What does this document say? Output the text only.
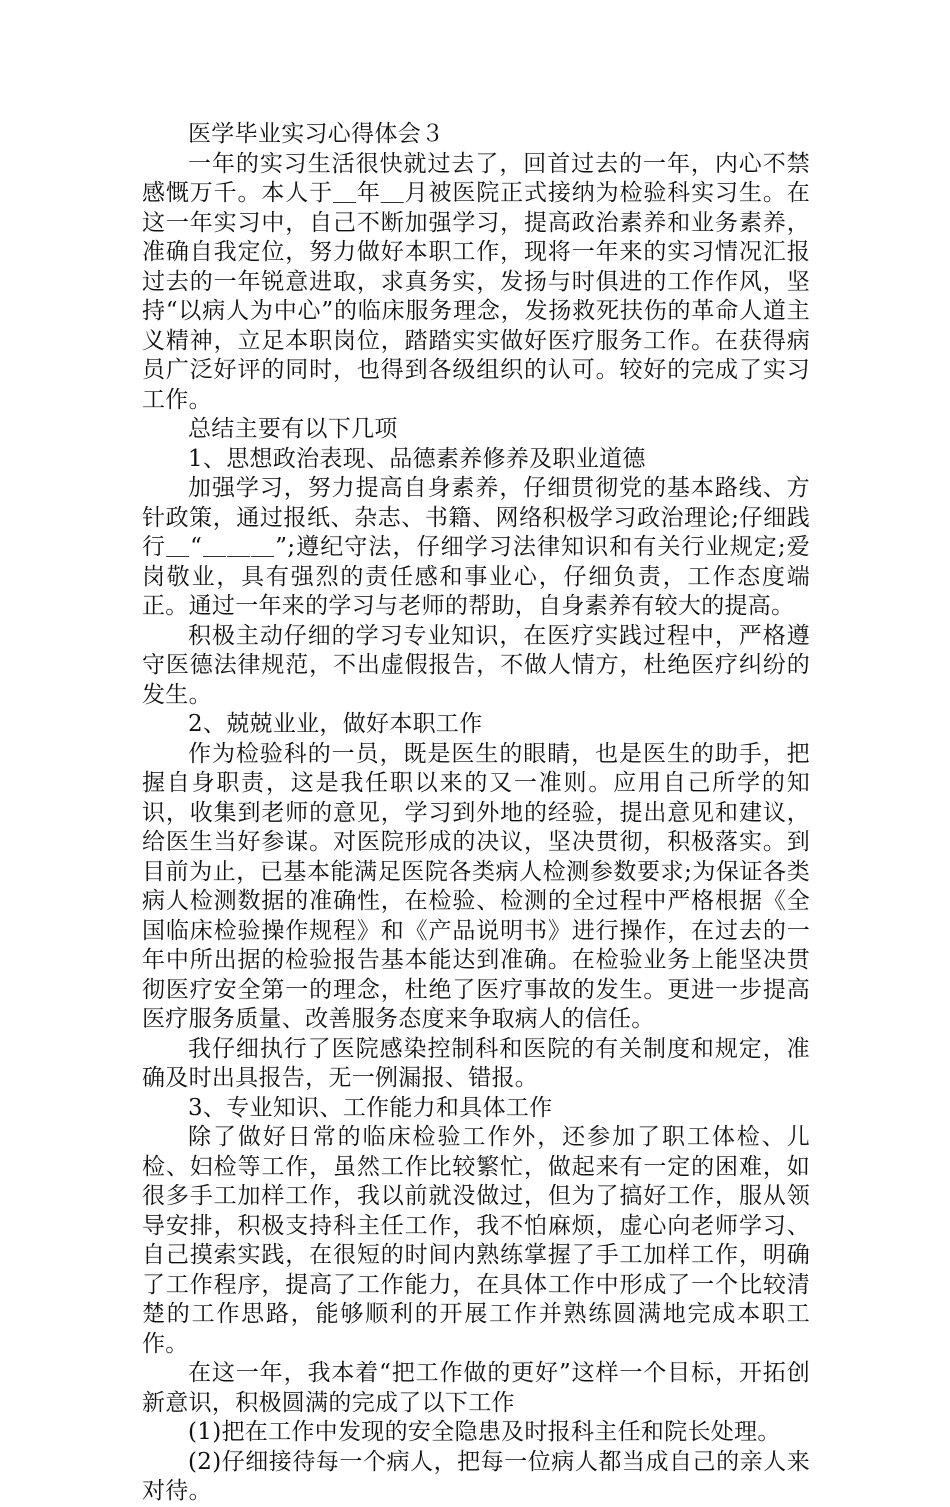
医学毕业实习心得体会３

一年的实习生活很快就过去了，回首过去的一年，内心不禁感慨万千。本人于＿年＿月被医院正式接纳为检验科实习生。在这一年实习中，自己不断加强学习，提高政治素养和业务素养，准确自我定位，努力做好本职工作，现将一年来的实习情况汇报过去的一年锐意进取，求真务实，发扬与时俱进的工作作风，坚持“以病人为中心”的临床服务理念，发扬救死扶伤的革命人道主义精神，立足本职岗位，踏踏实实做好医疗服务工作。在获得病员广泛好评的同时，也得到各级组织的认可。较好的完成了实习工作。

总结主要有以下几项

1、思想政治表现、品德素养修养及职业道德

加强学习，努力提高自身素养，仔细贯彻党的基本路线、方针政策，通过报纸、杂志、书籍、网络积极学习政治理论;仔细践行＿“＿＿＿”;遵纪守法，仔细学习法律知识和有关行业规定;爱岗敬业，具有强烈的责任感和事业心，仔细负责，工作态度端正。通过一年来的学习与老师的帮助，自身素养有较大的提高。

积极主动仔细的学习专业知识，在医疗实践过程中，严格遵守医德法律规范，不出虚假报告，不做人情方，杜绝医疗纠纷的发生。

2、兢兢业业，做好本职工作

作为检验科的一员，既是医生的眼睛，也是医生的助手，把握自身职责，这是我任职以来的又一准则。应用自己所学的知识，收集到老师的意见，学习到外地的经验，提出意见和建议，给医生当好参谋。对医院形成的决议，坚决贯彻，积极落实。到目前为止，已基本能满足医院各类病人检测参数要求;为保证各类病人检测数据的准确性，在检验、检测的全过程中严格根据《全国临床检验操作规程》和《产品说明书》进行操作，在过去的一年中所出据的检验报告基本能达到准确。在检验业务上能坚决贯彻医疗安全第一的理念，杜绝了医疗事故的发生。更进一步提高医疗服务质量、改善服务态度来争取病人的信任。

我仔细执行了医院感染控制科和医院的有关制度和规定，准确及时出具报告，无一例漏报、错报。

3、专业知识、工作能力和具体工作

除了做好日常的临床检验工作外，还参加了职工体检、儿检、妇检等工作，虽然工作比较繁忙，做起来有一定的困难，如很多手工加样工作，我以前就没做过，但为了搞好工作，服从领导安排，积极支持科主任工作，我不怕麻烦，虚心向老师学习、自己摸索实践，在很短的时间内熟练掌握了手工加样工作，明确了工作程序，提高了工作能力，在具体工作中形成了一个比较清楚的工作思路，能够顺利的开展工作并熟练圆满地完成本职工作。

在这一年，我本着“把工作做的更好”这样一个目标，开拓创新意识，积极圆满的完成了以下工作

(1)把在工作中发现的安全隐患及时报科主任和院长处理。

(2)仔细接待每一个病人，把每一位病人都当成自己的亲人来对待。
